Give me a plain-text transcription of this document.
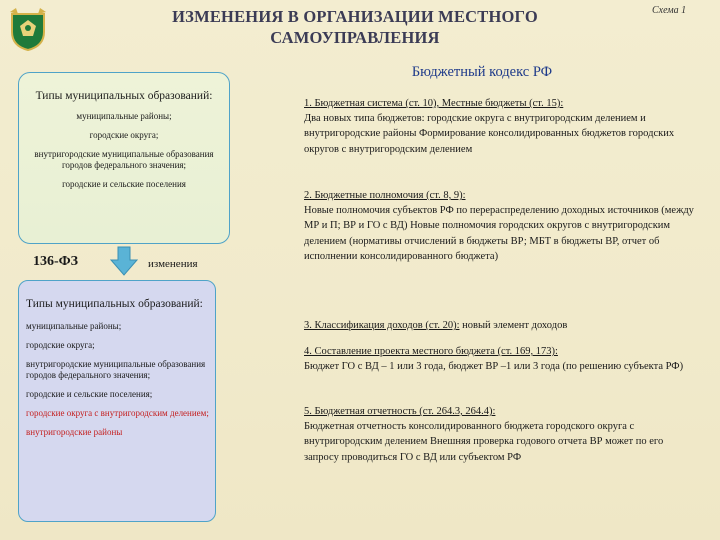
ИЗМЕНЕНИЯ В ОРГАНИЗАЦИИ МЕСТНОГО
САМОУПРАВЛЕНИЯ
Схема 1
Бюджетный кодекс РФ
Типы муниципальных образований:
муниципальные районы;
городские округа;
внутригородские муниципальные образования городов федерального значения;
городские и сельские поселения
136-ФЗ	изменения
Типы муниципальных образований:
муниципальные районы;
городские округа;
внутригородские муниципальные образования городов федерального значения;
городские и сельские поселения;
городские округа с внутригородским делением;
внутригородские районы
1. Бюджетная система (ст. 10), Местные бюджеты (ст. 15):
Два новых типа бюджетов: городские округа с внутригородским делением и внутригородские районы Формирование консолидированных бюджетов городских округов с внутригородским делением
2. Бюджетные полномочия (ст. 8, 9):
Новые полномочия субъектов РФ по перераспределению доходных источников (между МР и П; ВР и ГО с ВД) Новые полномочия городских округов с внутригородским делением (нормативы отчислений в бюджеты ВР; МБТ в бюджеты ВР, отчет об исполнении консолидированного бюджета)
3. Классификация доходов (ст. 20): новый элемент доходов
4. Составление проекта местного бюджета (ст. 169, 173):
Бюджет ГО с ВД – 1 или 3 года, бюджет ВР –1 или 3 года (по решению субъекта РФ)
5. Бюджетная отчетность (ст. 264.3, 264.4):
Бюджетная отчетность консолидированного бюджета городского округа с внутригородским делением Внешняя проверка годового отчета ВР может по его запросу проводиться ГО с ВД или субъектом РФ
